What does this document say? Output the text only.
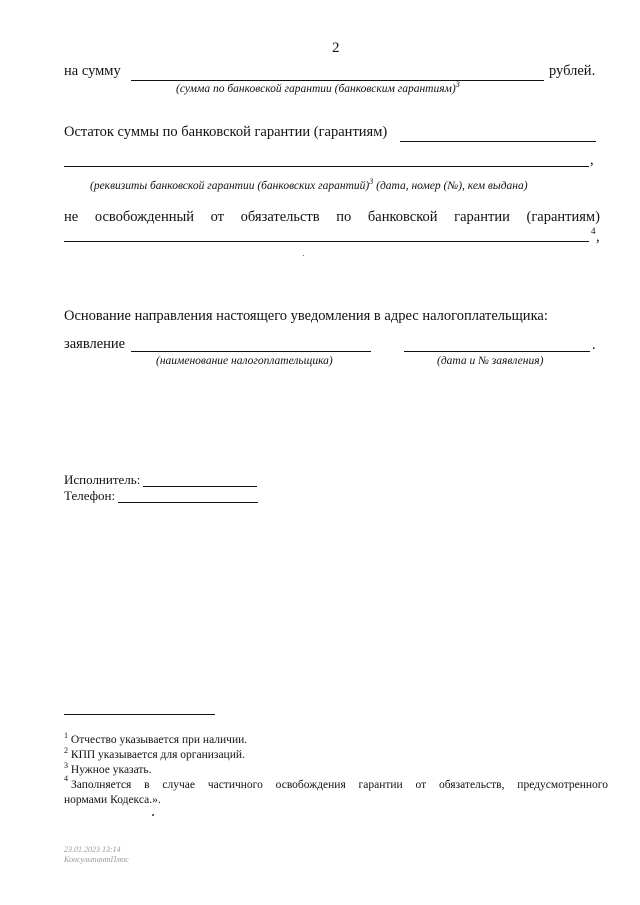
2
на сумму	рублей.
(сумма по банковской гарантии (банковским гарантиям)$^3$
Остаток суммы по банковской гарантии (гарантиям)
,
(реквизиты банковской гарантии (банковских гарантий)$^3$ (дата, номер (№), кем выдана)
не освобожденный от обязательств по банковской гарантии (гарантиям)
4 ,
Основание направления настоящего уведомления в адрес налогоплательщика:
заявление	.
(наименование налогоплательщика)	(дата и № заявления)
Исполнитель:
Телефон:
$^1$ Отчество указывается при наличии.
$^2$ КПП указывается для организаций.
$^3$ Нужное указать.
4
Заполняется в случае частичного освобождения гарантии от обязательств, предусмотренного
нормами Кодекса.».
23.01.2023 13:14
КонсультантПлюс
